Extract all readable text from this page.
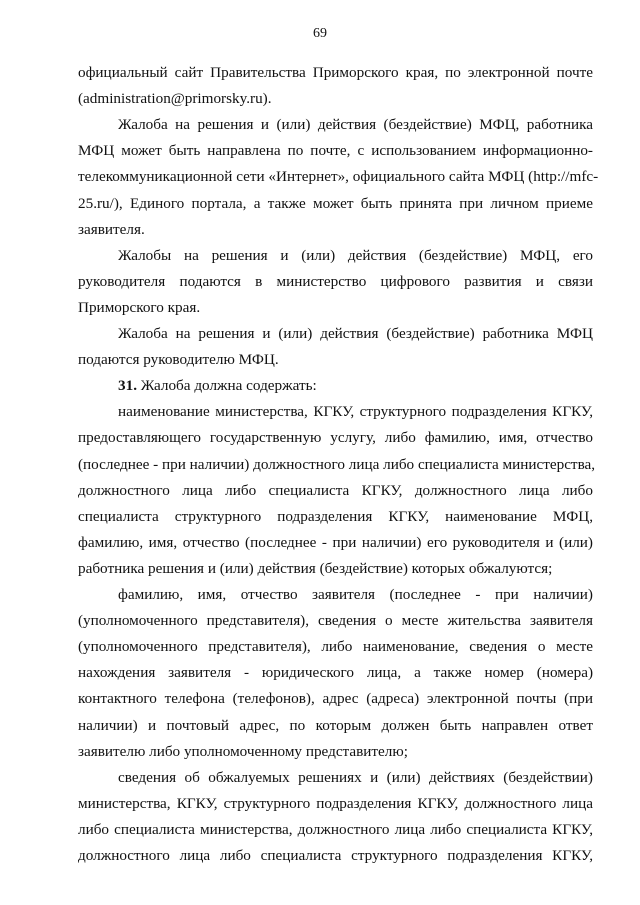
69
официальный сайт Правительства Приморского края, по электронной почте
(administration@primorsky.ru).
Жалоба на решения и (или) действия (бездействие) МФЦ, работника
МФЦ может быть направлена по почте, с использованием информационно-
телекоммуникационной сети «Интернет», официального сайта МФЦ (http://mfc-
25.ru/), Единого портала, а также может быть принята при личном приеме
заявителя.
Жалобы на решения и (или) действия (бездействие) МФЦ, его
руководителя подаются в министерство цифрового развития и связи
Приморского края.
Жалоба на решения и (или) действия (бездействие) работника МФЦ
подаются руководителю МФЦ.
31. Жалоба должна содержать:
наименование министерства, КГКУ, структурного подразделения КГКУ,
предоставляющего государственную услугу, либо фамилию, имя, отчество
(последнее - при наличии) должностного лица либо специалиста министерства,
должностного лица либо специалиста КГКУ, должностного лица либо
специалиста структурного подразделения КГКУ, наименование МФЦ,
фамилию, имя, отчество (последнее - при наличии) его руководителя и (или)
работника решения и (или) действия (бездействие) которых обжалуются;
фамилию, имя, отчество заявителя (последнее - при наличии)
(уполномоченного представителя), сведения о месте жительства заявителя
(уполномоченного представителя), либо наименование, сведения о месте
нахождения заявителя - юридического лица, а также номер (номера)
контактного телефона (телефонов), адрес (адреса) электронной почты (при
наличии) и почтовый адрес, по которым должен быть направлен ответ
заявителю либо уполномоченному представителю;
сведения об обжалуемых решениях и (или) действиях (бездействии)
министерства, КГКУ, структурного подразделения КГКУ, должностного лица
либо специалиста министерства, должностного лица либо специалиста КГКУ,
должностного лица либо специалиста структурного подразделения КГКУ,
